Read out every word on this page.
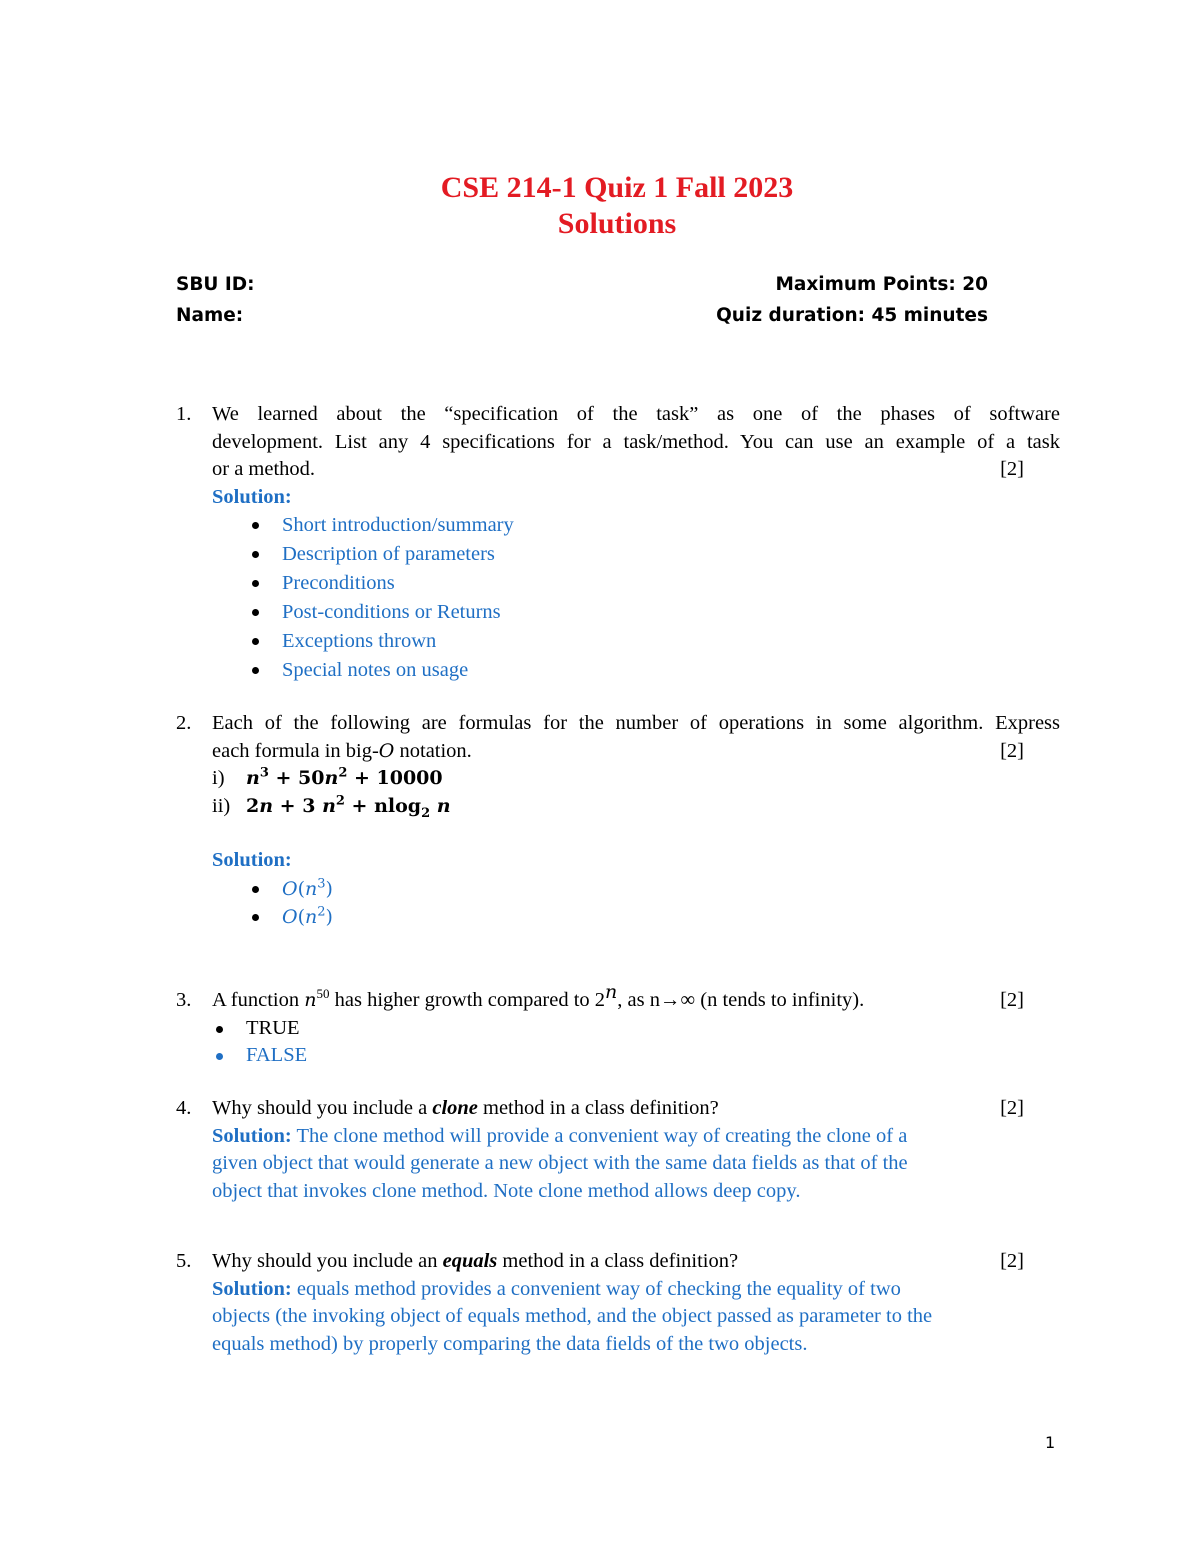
CSE 214-1 Quiz 1 Fall 2023
Solutions
SBU ID:
Name:
Maximum Points: 20
Quiz duration: 45 minutes
1. We learned about the “specification of the task” as one of the phases of software
development. List any 4 specifications for a task/method. You can use an example of a task
or a method.	[2]
Solution:
Short introduction/summary
Description of parameters
Preconditions
Post-conditions or Returns
Exceptions thrown
Special notes on usage
2. Each of the following are formulas for the number of operations in some algorithm. Express
each formula in big-O notation.	[2]
i) $n^3 + 50n^2 + 10000$
ii) 2n + 3 $n^2 + nlog_2$ n
Solution:
$O(n^3)$
$O(n^2)$
3. A function $n^{50}$ has higher growth compared to 2$^n$, as n→∞ (n tends to infinity).	[2]
TRUE
FALSE
4. Why should you include a clone method in a class definition?	[2]
Solution: The clone method will provide a convenient way of creating the clone of a
given object that would generate a new object with the same data fields as that of the
object that invokes clone method. Note clone method allows deep copy.
5. Why should you include an equals method in a class definition?	[2]
Solution: equals method provides a convenient way of checking the equality of two
objects (the invoking object of equals method, and the object passed as parameter to the
equals method) by properly comparing the data fields of the two objects.
1
